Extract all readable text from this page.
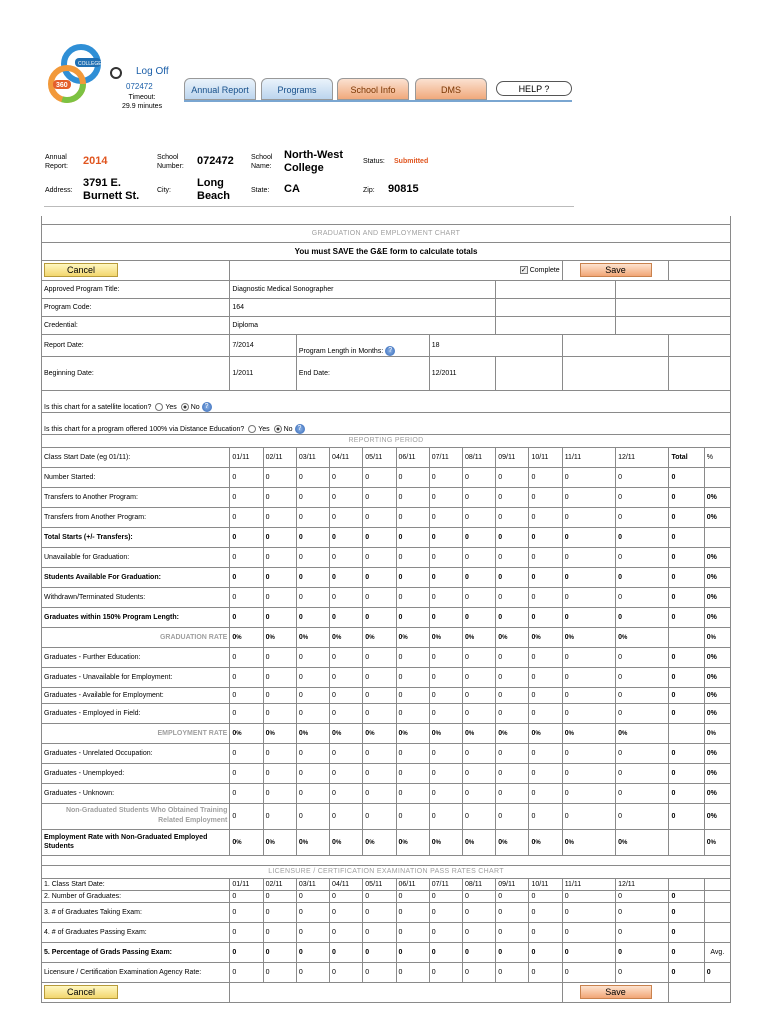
COLLEGE
360
Log Off
072472
Timeout:
29.9 minutes
Annual Report	Programs	School Info	DMS	HELP ?
Annual Report:	2014	School Number: 072472 School Name:
North-West College
Status: Submitted
Address:
3791 E. Burnett St.	City:
Long Beach	State: CA	Zip: 90815

GRADUATION AND EMPLOYMENT CHART														
You must SAVE the G&E form to calculate totals														
Cancel	✓ Complete										Save			
Approved Program Title:	Diagnostic Medical Sonographer													
Program Code:	164													
Credential:	Diploma													
Report Date:	7/2014		Program Length in Months: ?				18							
Beginning Date:	1/2011		End Date:				12/2011							
Is this chart for a satellite location? Yes No ?														
Is this chart for a program offered 100% via Distance Education? Yes No ?														
REPORTING PERIOD														
Class Start Date (eg 01/11):	01/11	02/11	03/11	04/11	05/11	06/11	07/11	08/11	09/11	10/11	11/11	12/11	Total	%
Number Started:	0	0	0	0	0	0	0	0	0	0	0	0	0	
Transfers to Another Program:	0	0	0	0	0	0	0	0	0	0	0	0	0	0%
Transfers from Another Program:	0	0	0	0	0	0	0	0	0	0	0	0	0	0%
Total Starts (+/- Transfers):	0	0	0	0	0	0	0	0	0	0	0	0	0	
Unavailable for Graduation:	0	0	0	0	0	0	0	0	0	0	0	0	0	0%
Students Available For Graduation:	0	0	0	0	0	0	0	0	0	0	0	0	0	0%
Withdrawn/Terminated Students:	0	0	0	0	0	0	0	0	0	0	0	0	0	0%
Graduates within 150% Program Length:	0	0	0	0	0	0	0	0	0	0	0	0	0	0%
GRADUATION RATE	0%	0%	0%	0%	0%	0%	0%	0%	0%	0%	0%	0%		0%
Graduates - Further Education:	0	0	0	0	0	0	0	0	0	0	0	0	0	0%
Graduates - Unavailable for Employment:	0	0	0	0	0	0	0	0	0	0	0	0	0	0%
Graduates - Available for Employment:	0	0	0	0	0	0	0	0	0	0	0	0	0	0%
Graduates - Employed in Field:	0	0	0	0	0	0	0	0	0	0	0	0	0	0%
EMPLOYMENT RATE	0%	0%	0%	0%	0%	0%	0%	0%	0%	0%	0%	0%		0%
Graduates - Unrelated Occupation:	0	0	0	0	0	0	0	0	0	0	0	0	0	0%
Graduates - Unemployed:	0	0	0	0	0	0	0	0	0	0	0	0	0	0%
Graduates - Unknown:	0	0	0	0	0	0	0	0	0	0	0	0	0	0%
Non-Graduated Students Who Obtained Training Related Employment	0	0	0	0	0	0	0	0	0	0	0	0	0	0%
Employment Rate with Non-Graduated Employed Students	0%	0%	0%	0%	0%	0%	0%	0%	0%	0%	0%	0%		0%

LICENSURE / CERTIFICATION EXAMINATION PASS RATES CHART														
1. Class Start Date:	01/11	02/11	03/11	04/11	05/11	06/11	07/11	08/11	09/11	10/11	11/11	12/11		
2. Number of Graduates:	0	0	0	0	0	0	0	0	0	0	0	0	0	
3. # of Graduates Taking Exam:	0	0	0	0	0	0	0	0	0	0	0	0	0	
4. # of Graduates Passing Exam:	0	0	0	0	0	0	0	0	0	0	0	0	0	
5. Percentage of Grads Passing Exam:	0	0	0	0	0	0	0	0	0	0	0	0	0	Avg.
Licensure / Certification Examination Agency Rate:	0	0	0	0	0	0	0	0	0	0	0	0	0	0
Cancel											Save			
